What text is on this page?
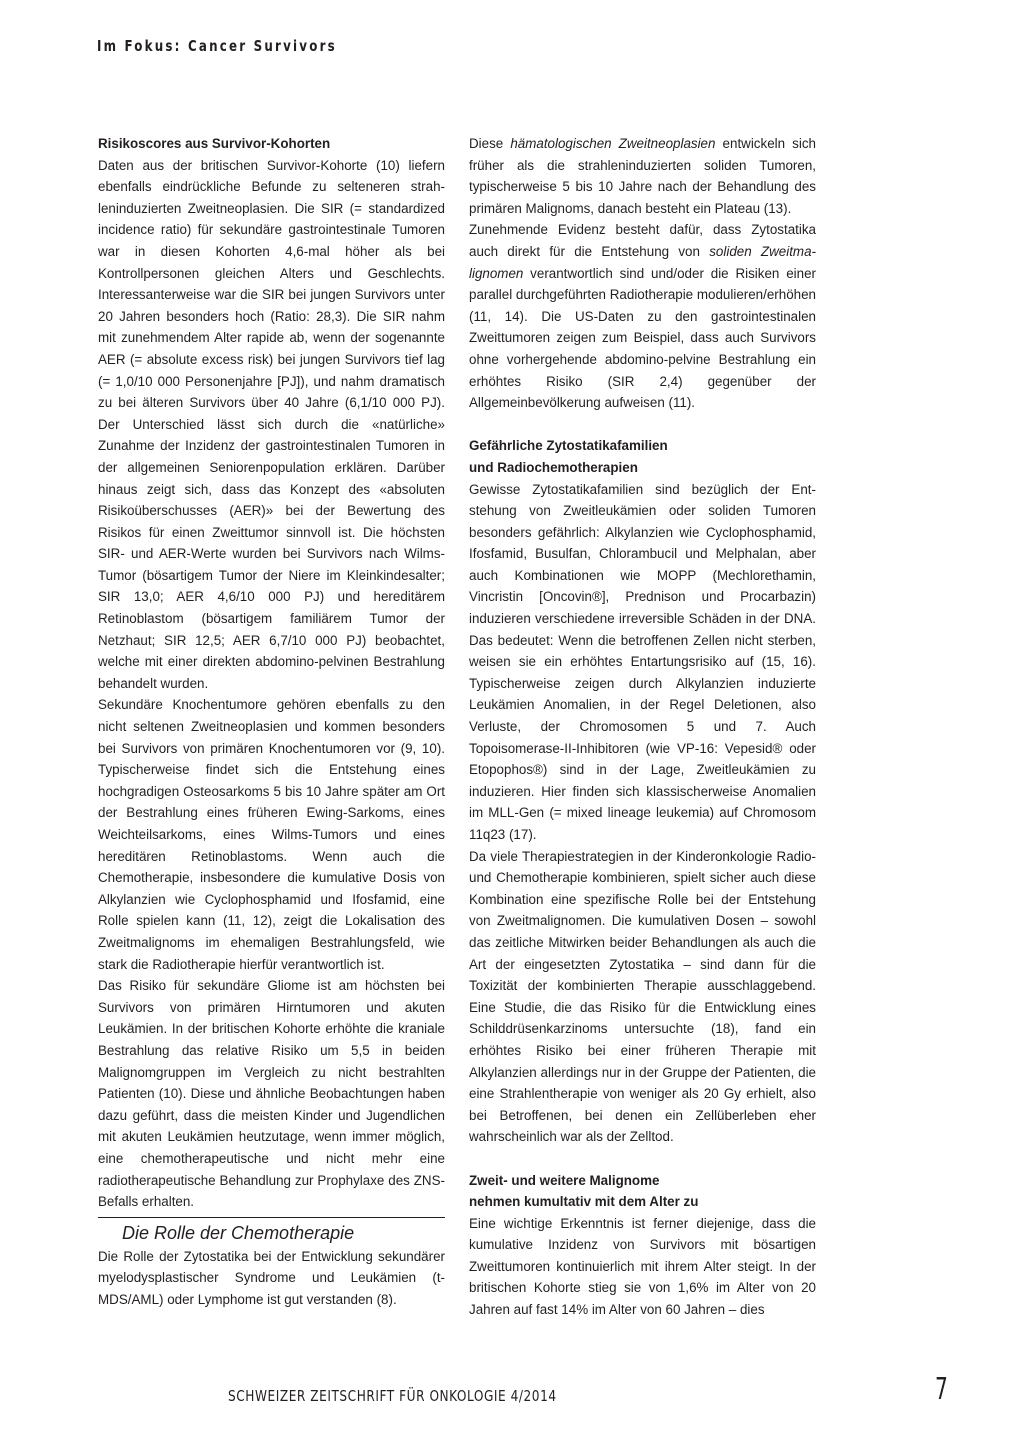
Im Fokus: Cancer Survivors
Risikoscores aus Survivor-Kohorten

Daten aus der britischen Survivor-Kohorte (10) liefern ebenfalls eindrückliche Befunde zu selteneren strahleninduzierten Zweitneoplasien. Die SIR (= standardized incidence ratio) für sekundäre gastrointestinale Tumoren war in diesen Kohorten 4,6-mal höher als bei Kontrollpersonen gleichen Alters und Geschlechts. Interessanterweise war die SIR bei jungen Survivors unter 20 Jahren besonders hoch (Ratio: 28,3). Die SIR nahm mit zunehmendem Alter rapide ab, wenn der sogenannte AER (= absolute excess risk) bei jungen Survivors tief lag (= 1,0/10 000 Personenjahre [PJ]), und nahm dramatisch zu bei älteren Survivors über 40 Jahre (6,1/10 000 PJ). Der Unterschied lässt sich durch die «natürliche» Zunahme der Inzidenz der gastrointestinalen Tumoren in der allgemeinen Seniorenpopulation erklären. Darüber hinaus zeigt sich, dass das Konzept des «absoluten Risikoüberschusses (AER)» bei der Bewertung des Risikos für einen Zweittumor sinnvoll ist. Die höchsten SIR- und AER-Werte wurden bei Survivors nach Wilms-Tumor (bösartigem Tumor der Niere im Kleinkindesalter; SIR 13,0; AER 4,6/10 000 PJ) und hereditärem Retinoblastom (bösartigem familiärem Tumor der Netzhaut; SIR 12,5; AER 6,7/10 000 PJ) beobachtet, welche mit einer direkten abdomino-pelvinen Bestrahlung behandelt wurden.

Sekundäre Knochentumore gehören ebenfalls zu den nicht seltenen Zweitneoplasien und kommen besonders bei Survivors von primären Knochentumoren vor (9, 10). Typischerweise findet sich die Entstehung eines hochgradigen Osteosarkoms 5 bis 10 Jahre später am Ort der Bestrahlung eines früheren Ewing-Sarkoms, eines Weichteilsarkoms, eines Wilms-Tumors und eines hereditären Retinoblastoms. Wenn auch die Chemotherapie, insbesondere die kumulative Dosis von Alkylanzien wie Cyclophosphamid und Ifosfamid, eine Rolle spielen kann (11, 12), zeigt die Lokalisation des Zweitmalignoms im ehemaligen Bestrahlungsfeld, wie stark die Radiotherapie hierfür verantwortlich ist.

Das Risiko für sekundäre Gliome ist am höchsten bei Survivors von primären Hirntumoren und akuten Leukämien. In der britischen Kohorte erhöhte die kraniale Bestrahlung das relative Risiko um 5,5 in beiden Malignomgruppen im Vergleich zu nicht bestrahlten Patienten (10). Diese und ähnliche Beobachtungen haben dazu geführt, dass die meisten Kinder und Jugendlichen mit akuten Leukämien heutzutage, wenn immer möglich, eine chemotherapeutische und nicht mehr eine radiotherapeutische Behandlung zur Prophylaxe des ZNS-Befalls erhalten.

Die Rolle der Chemotherapie

Die Rolle der Zytostatika bei der Entwicklung sekundärer myelodysplastischer Syndrome und Leukämien (t-MDS/AML) oder Lymphome ist gut verstanden (8).

Diese hämatologischen Zweitneoplasien entwickeln sich früher als die strahleninduzierten soliden Tumoren, typischerweise 5 bis 10 Jahre nach der Behandlung des primären Malignoms, danach besteht ein Plateau (13).

Zunehmende Evidenz besteht dafür, dass Zytostatika auch direkt für die Entstehung von soliden Zweitmalignomen verantwortlich sind und/oder die Risiken einer parallel durchgeführten Radiotherapie modulieren/erhöhen (11, 14). Die US-Daten zu den gastrointestinalen Zweittumoren zeigen zum Beispiel, dass auch Survivors ohne vorhergehende abdomino-pelvine Bestrahlung ein erhöhtes Risiko (SIR 2,4) gegenüber der Allgemeinbevölkerung aufweisen (11).

Gefährliche Zytostatikafamilien
und Radiochemotherapien

Gewisse Zytostatikafamilien sind bezüglich der Entstehung von Zweitleukämien oder soliden Tumoren besonders gefährlich: Alkylanzien wie Cyclophosphamid, Ifosfamid, Busulfan, Chlorambucil und Melphalan, aber auch Kombinationen wie MOPP (Mechlorethamin, Vincristin [Oncovin®], Prednison und Procarbazin) induzieren verschiedene irreversible Schäden in der DNA. Das bedeutet: Wenn die betroffenen Zellen nicht sterben, weisen sie ein erhöhtes Entartungsrisiko auf (15, 16). Typischerweise zeigen durch Alkylanzien induzierte Leukämien Anomalien, in der Regel Deletionen, also Verluste, der Chromosomen 5 und 7. Auch Topoisomerase-II-Inhibitoren (wie VP-16: Vepesid® oder Etopophos®) sind in der Lage, Zweitleukämien zu induzieren. Hier finden sich klassischerweise Anomalien im MLL-Gen (= mixed lineage leukemia) auf Chromosom 11q23 (17).

Da viele Therapiestrategien in der Kinderonkologie Radio- und Chemotherapie kombinieren, spielt sicher auch diese Kombination eine spezifische Rolle bei der Entstehung von Zweitmalignomen. Die kumulativen Dosen – sowohl das zeitliche Mitwirken beider Behandlungen als auch die Art der eingesetzten Zytostatika – sind dann für die Toxizität der kombinierten Therapie ausschlaggebend. Eine Studie, die das Risiko für die Entwicklung eines Schilddrüsenkarzinoms untersuchte (18), fand ein erhöhtes Risiko bei einer früheren Therapie mit Alkylanzien allerdings nur in der Gruppe der Patienten, die eine Strahlentherapie von weniger als 20 Gy erhielt, also bei Betroffenen, bei denen ein Zellüberleben eher wahrscheinlich war als der Zelltod.

Zweit- und weitere Malignome
nehmen kumultativ mit dem Alter zu

Eine wichtige Erkenntnis ist ferner diejenige, dass die kumulative Inzidenz von Survivors mit bösartigen Zweittumoren kontinuierlich mit ihrem Alter steigt. In der britischen Kohorte stieg sie von 1,6% im Alter von 20 Jahren auf fast 14% im Alter von 60 Jahren – dies

SCHWEIZER ZEITSCHRIFT FÜR ONKOLOGIE 4/2014	7
